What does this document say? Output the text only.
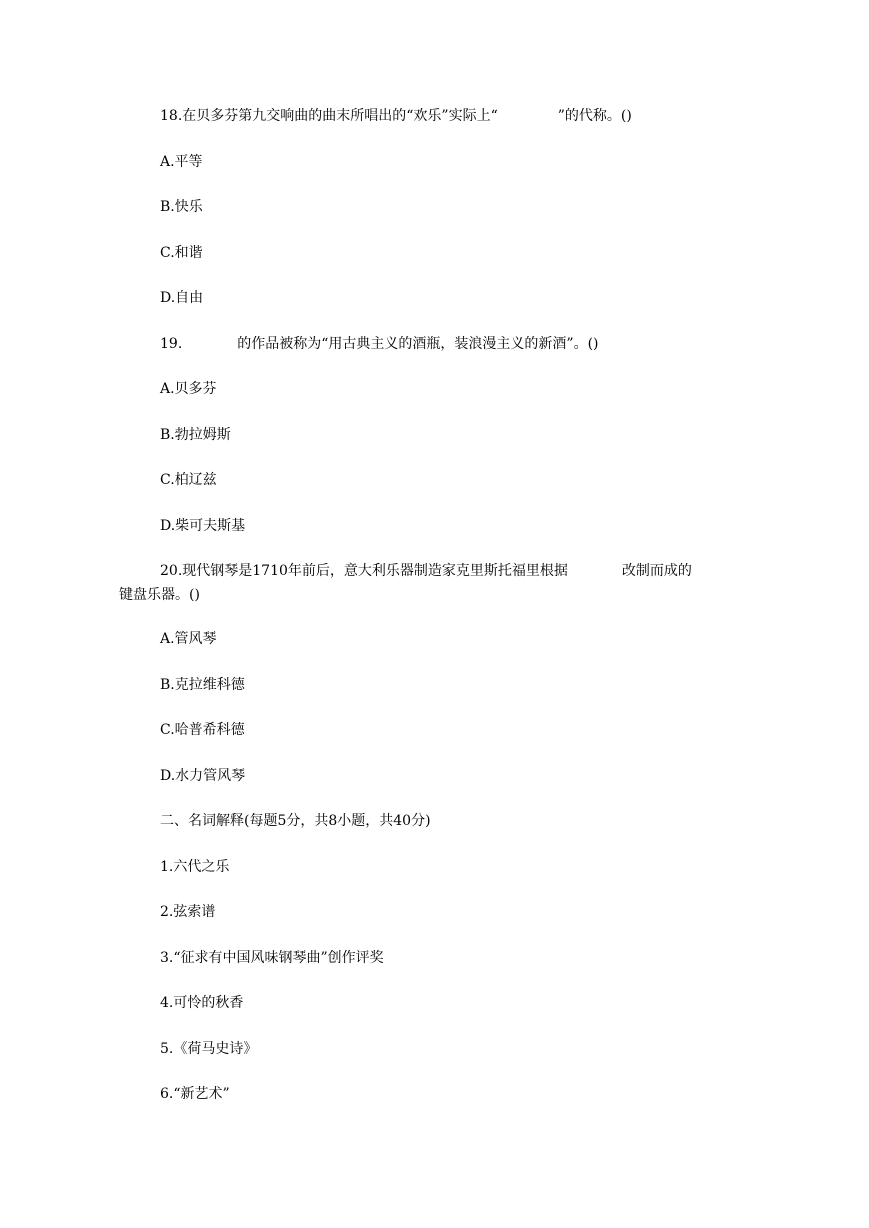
18.在贝多芬第九交响曲的曲末所唱出的“欢乐”实际上“	”的代称。()
A.平等
B.快乐
C.和谐
D.自由
19.	的作品被称为“用古典主义的酒瓶，装浪漫主义的新酒”。()
A.贝多芬
B.勃拉姆斯
C.柏辽兹
D.柴可夫斯基
20.现代钢琴是1710年前后，意大利乐器制造家克里斯托福里根据	改制而成的
键盘乐器。()
A.管风琴
B.克拉维科德
C.哈普希科德
D.水力管风琴
二、名词解释(每题5分，共8小题，共40分)
1.六代之乐
2.弦索谱
3.“征求有中国风味钢琴曲”创作评奖
4.可怜的秋香
5.《荷马史诗》
6.“新艺术”
